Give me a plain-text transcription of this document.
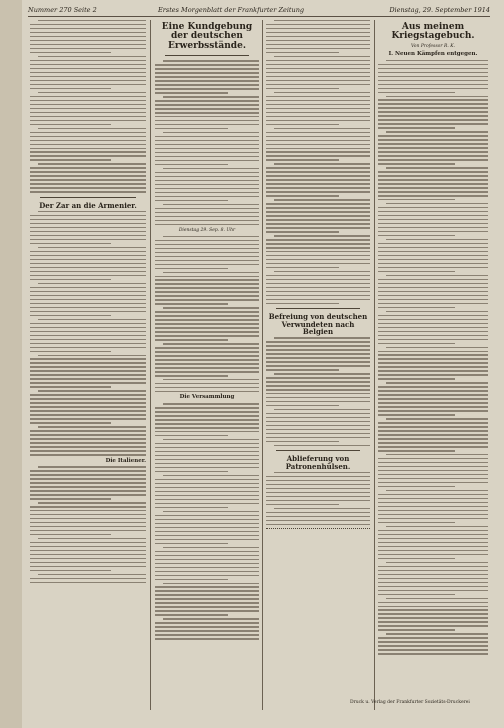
Nummer 270 Seite 2	Erstes Morgenblatt der Frankfurter Zeitung	Dienstag, 29. September 1914
Der Zar an die Armenier.
Die Italiener.
Eine Kundgebung der deutschen Erwerbsstände.
Dienstag 29. Sep. 8. Uhr
Die Versammlung
Befreiung von deutschen Verwundeten nach Belgien
Ablieferung von Patronenhülsen.
Aus meinem Kriegstagebuch.
Von Professor R. K.
I. Neuen Kämpfen entgegen.
Druck u. Verlag der Frankfurter Sozietäts-Druckerei
